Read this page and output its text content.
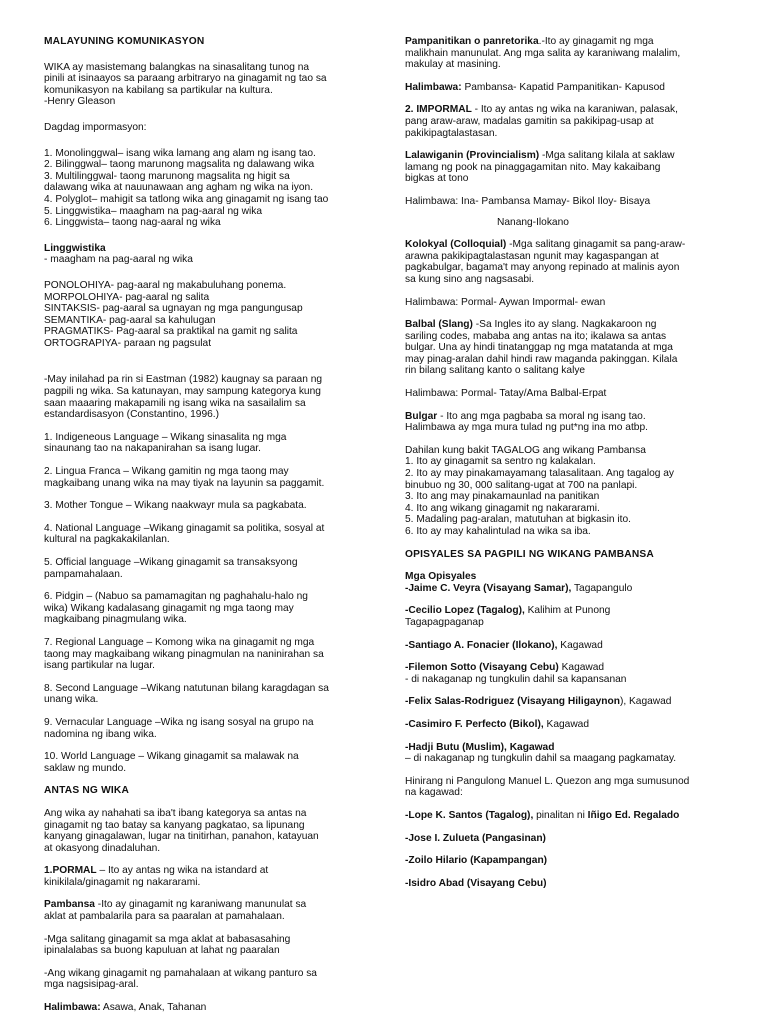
MALAYUNING KOMUNIKASYON

WIKA ay masistemang balangkas na sinasalitang tunog na
pinili at isinaayos sa paraang arbitraryo na ginagamit ng tao sa
komunikasyon na kabilang sa partikular na kultura.
-Henry Gleason

Dagdag impormasyon:

1. Monolinggwal– isang wika lamang ang alam ng isang tao.
2. Bilinggwal– taong marunong magsalita ng dalawang wika
3. Multilinggwal- taong marunong magsalita ng higit sa
dalawang wika at nauunawaan ang agham ng wika na iyon.
4. Polyglot– mahigit sa tatlong wika ang ginagamit ng isang tao
5. Linggwistika– maagham na pag-aaral ng wika
6. Linggwista– taong nag-aaral ng wika

Linggwistika

- maagham na pag-aaral ng wika

PONOLOHIYA- pag-aaral ng makabuluhang ponema.
MORPOLOHIYA- pag-aaral ng salita
SINTAKSIS- pag-aaral sa ugnayan ng mga pangungusap
SEMANTIKA- pag-aaral sa kahulugan
PRAGMATIKS- Pag-aaral sa praktikal na gamit ng salita
ORTOGRAPIYA- paraan ng pagsulat

-May inilahad pa rin si Eastman (1982) kaugnay sa paraan ng
pagpili ng wika. Sa katunayan, may sampung kategorya kung
saan maaaring makapamili ng isang wika na sasailalim sa
estandardisasyon (Constantino, 1996.)

1. Indigeneous Language – Wikang sinasalita ng mga
sinaunang tao na nakapanirahan sa isang lugar.

2. Lingua Franca – Wikang gamitin ng mga taong may
magkaibang unang wika na may tiyak na layunin sa paggamit.

3. Mother Tongue – Wikang naakwayr mula sa pagkabata.

4. National Language –Wikang ginagamit sa politika, sosyal at
kultural na pagkakakilanlan.

5. Official language –Wikang ginagamit sa transaksyong
pampamahalaan.

6. Pidgin – (Nabuo sa pamamagitan ng paghahalu-halo ng
wika) Wikang kadalasang ginagamit ng mga taong may
magkaibang pinagmulang wika.

7. Regional Language – Komong wika na ginagamit ng mga
taong may magkaibang wikang pinagmulan na naninirahan sa
isang partikular na lugar.

8. Second Language –Wikang natutunan bilang karagdagan sa
unang wika.

9. Vernacular Language –Wika ng isang sosyal na grupo na
nadomina ng ibang wika.

10. World Language – Wikang ginagamit sa malawak na
saklaw ng mundo.

ANTAS NG WIKA

Ang wika ay nahahati sa iba't ibang kategorya sa antas na
ginagamit ng tao batay sa kanyang pagkatao, sa lipunang
kanyang ginagalawan, lugar na tinitirhan, panahon, katayuan
at okasyong dinadaluhan.

1.PORMAL – Ito ay antas ng wika na istandard at
kinikilala/ginagamit ng nakararami.

Pambansa -Ito ay ginagamit ng karaniwang manunulat sa
aklat at pambalarila para sa paaralan at pamahalaan.

-Mga salitang ginagamit sa mga aklat at babasasahing
ipinalalabas sa buong kapuluan at lahat ng paaralan

-Ang wikang ginagamit ng pamahalaan at wikang panturo sa
mga nagsisipag-aral.

Halimbawa: Asawa, Anak, Tahanan

Pampanitikan o panretorika.-Ito ay ginagamit ng mga
malikhain manunulat. Ang mga salita ay karaniwang malalim,
makulay at masining.

Halimbawa: Pambansa- Kapatid Pampanitikan- Kapusod

2. IMPORMAL - Ito ay antas ng wika na karaniwan, palasak,
pang araw-araw, madalas gamitin sa pakikipag-usap at
pakikipagtalastasan.

Lalawiganin (Provincialism) -Mga salitang kilala at saklaw
lamang ng pook na pinaggagamitan nito. May kakaibang
bigkas at tono

Halimbawa: Ina- Pambansa Mamay- Bikol Iloy- Bisaya

Nanang-Ilokano

Kolokyal (Colloquial) -Mga salitang ginagamit sa pang-araw-
arawna pakikipagtalastasan ngunit may kagaspangan at
pagkabulgar, bagama't may anyong repinado at malinis ayon
sa kung sino ang nagsasabi.

Halimbawa: Pormal- Aywan Impormal- ewan

Balbal (Slang) -Sa Ingles ito ay slang. Nagkakaroon ng
sariling codes, mababa ang antas na ito; ikalawa sa antas
bulgar. Una ay hindi tinatanggap ng mga matatanda at mga
may pinag-aralan dahil hindi raw maganda pakinggan. Kilala
rin bilang salitang kanto o salitang kalye

Halimbawa: Pormal- Tatay/Ama Balbal-Erpat

Bulgar - Ito ang mga pagbaba sa moral ng isang tao.
Halimbawa ay mga mura tulad ng put*ng ina mo atbp.

Dahilan kung bakit TAGALOG ang wikang Pambansa
1. Ito ay ginagamit sa sentro ng kalakalan.
2. Ito ay may pinakamayamang talasalitaan. Ang tagalog ay
binubuo ng 30, 000 salitang-ugat at 700 na panlapi.
3. Ito ang may pinakamaunlad na panitikan
4. Ito ang wikang ginagamit ng nakararami.
5. Madaling pag-aralan, matutuhan at bigkasin ito.
6. Ito ay may kahalintulad na wika sa iba.

OPISYALES SA PAGPILI NG WIKANG PAMBANSA

Mga Opisyales

-Jaime C. Veyra (Visayang Samar), Tagapangulo

-Cecilio Lopez (Tagalog), Kalihim at Punong
Tagapagpaganap

-Santiago A. Fonacier (Ilokano), Kagawad

-Filemon Sotto (Visayang Cebu) Kagawad

- di nakaganap ng tungkulin dahil sa kapansanan

-Felix Salas-Rodriguez (Visayang Hiligaynon), Kagawad

-Casimiro F. Perfecto (Bikol), Kagawad

-Hadji Butu (Muslim), Kagawad

– di nakaganap ng tungkulin dahil sa maagang pagkamatay.

Hinirang ni Pangulong Manuel L. Quezon ang mga sumusunod
na kagawad:

-Lope K. Santos (Tagalog), pinalitan ni Iñigo Ed. Regalado

-Jose I. Zulueta (Pangasinan)

-Zoilo Hilario (Kapampangan)

-Isidro Abad (Visayang Cebu)
